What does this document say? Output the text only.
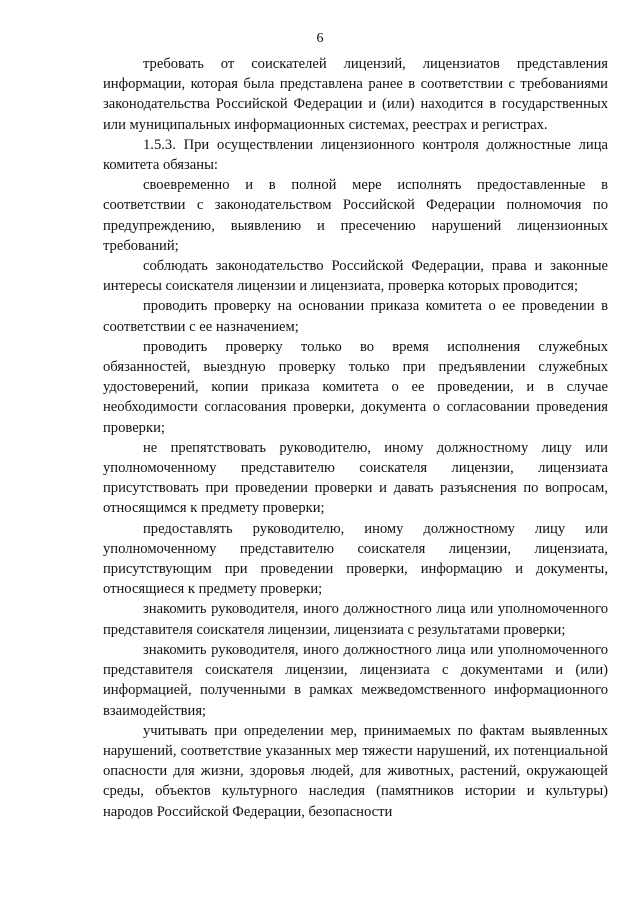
6

требовать от соискателей лицензий, лицензиатов представления информации, которая была представлена ранее в соответствии с требованиями законодательства Российской Федерации и (или) находится в государственных или муниципальных информационных системах, реестрах и регистрах.

1.5.3. При осуществлении лицензионного контроля должностные лица комитета обязаны:

своевременно и в полной мере исполнять предоставленные в соответствии с законодательством Российской Федерации полномочия по предупреждению, выявлению и пресечению нарушений лицензионных требований;

соблюдать законодательство Российской Федерации, права и законные интересы соискателя лицензии и лицензиата, проверка которых проводится;

проводить проверку на основании приказа комитета о ее проведении в соответствии с ее назначением;

проводить проверку только во время исполнения служебных обязанностей, выездную проверку только при предъявлении служебных удостоверений, копии приказа комитета о ее проведении, и в случае необходимости согласования проверки, документа о согласовании проведения проверки;

не препятствовать руководителю, иному должностному лицу или уполномоченному представителю соискателя лицензии, лицензиата присутствовать при проведении проверки и давать разъяснения по вопросам, относящимся к предмету проверки;

предоставлять руководителю, иному должностному лицу или уполномоченному представителю соискателя лицензии, лицензиата, присутствующим при проведении проверки, информацию и документы, относящиеся к предмету проверки;

знакомить руководителя, иного должностного лица или уполномоченного представителя соискателя лицензии, лицензиата с результатами проверки;

знакомить руководителя, иного должностного лица или уполномоченного представителя соискателя лицензии, лицензиата с документами и (или) информацией, полученными в рамках межведомственного информационного взаимодействия;

учитывать при определении мер, принимаемых по фактам выявленных нарушений, соответствие указанных мер тяжести нарушений, их потенциальной опасности для жизни, здоровья людей, для животных, растений, окружающей среды, объектов культурного наследия (памятников истории и культуры) народов Российской Федерации, безопасности
